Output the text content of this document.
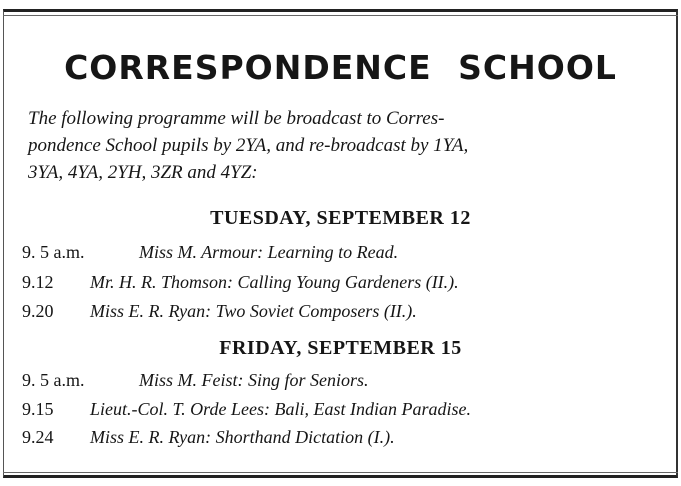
CORRESPONDENCE SCHOOL

The following programme will be broadcast to Corres-
pondence School pupils by 2YA, and re-broadcast by 1YA,
3YA, 4YA, 2YH, 3ZR and 4YZ:

TUESDAY, SEPTEMBER 12
9. 5 a.m.	Miss M. Armour: Learning to Read.
9.12 Mr. H. R. Thomson: Calling Young Gardeners (II.).
9.20 Miss E. R. Ryan: Two Soviet Composers (II.).
FRIDAY, SEPTEMBER 15
9. 5 a.m.	Miss M. Feist: Sing for Seniors.
9.15 Lieut.-Col. T. Orde Lees: Bali, East Indian Paradise.
9.24 Miss E. R. Ryan: Shorthand Dictation (I.).
